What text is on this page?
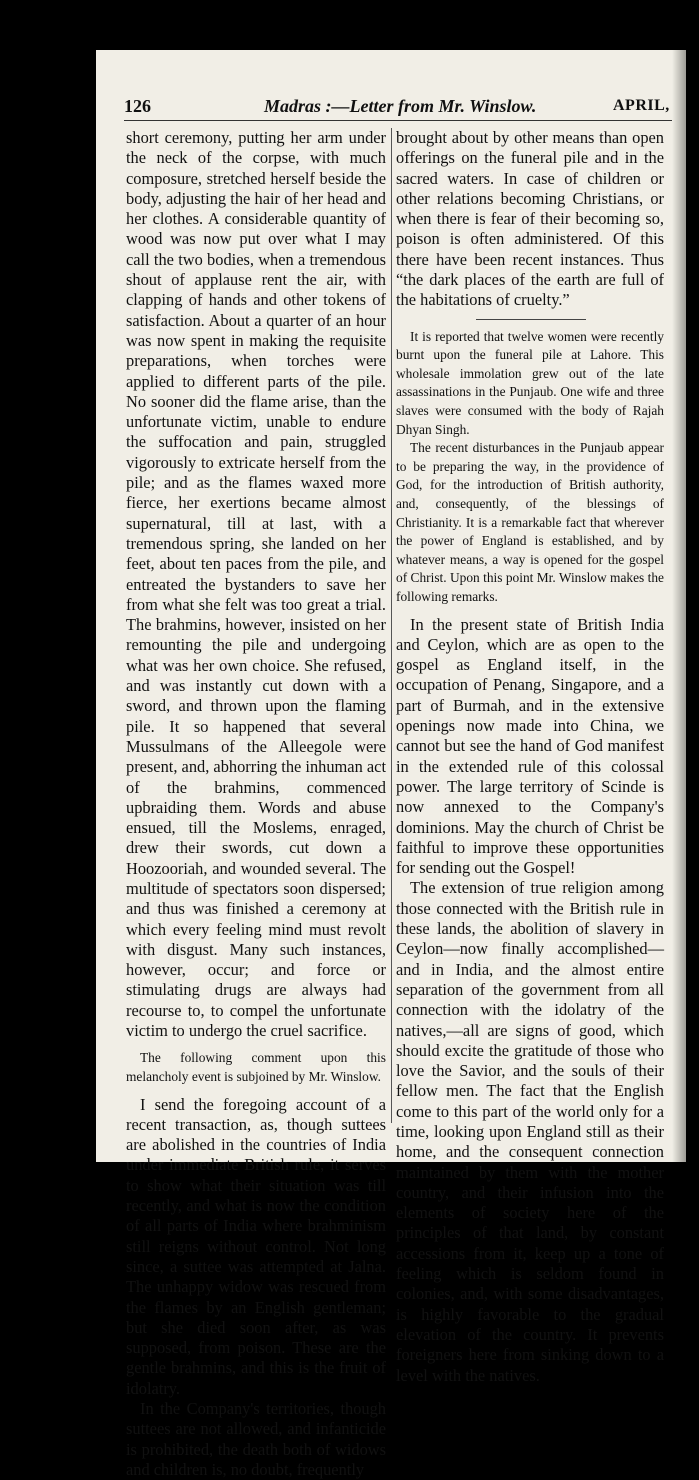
126	Madras :—Letter from Mr. Winslow.	APRIL,

short ceremony, putting her arm under the neck of the corpse, with much composure, stretched herself beside the body, adjusting the hair of her head and her clothes. A considerable quantity of wood was now put over what I may call the two bodies, when a tremendous shout of applause rent the air, with clapping of hands and other tokens of satisfaction. About a quarter of an hour was now spent in making the requisite preparations, when torches were applied to different parts of the pile. No sooner did the flame arise, than the unfortunate victim, unable to endure the suffocation and pain, struggled vigorously to extricate herself from the pile; and as the flames waxed more fierce, her exertions became almost supernatural, till at last, with a tremendous spring, she landed on her feet, about ten paces from the pile, and entreated the bystanders to save her from what she felt was too great a trial. The brahmins, however, insisted on her remounting the pile and undergoing what was her own choice. She refused, and was instantly cut down with a sword, and thrown upon the flaming pile. It so happened that several Mussulmans of the Alleegole were present, and, abhorring the inhuman act of the brahmins, commenced upbraiding them. Words and abuse ensued, till the Moslems, enraged, drew their swords, cut down a Hoozooriah, and wounded several. The multitude of spectators soon dispersed; and thus was finished a ceremony at which every feeling mind must revolt with disgust. Many such instances, however, occur; and force or stimulating drugs are always had recourse to, to compel the unfortunate victim to undergo the cruel sacrifice.

The following comment upon this melancholy event is subjoined by Mr. Winslow.

I send the foregoing account of a recent transaction, as, though suttees are abolished in the countries of India under immediate British rule, it serves to show what their situation was till recently, and what is now the condition of all parts of India where brahminism still reigns without control. Not long since, a suttee was attempted at Jalna. The unhappy widow was rescued from the flames by an English gentleman; but she died soon after, as was supposed, from poison. These are the gentle brahmins, and this is the fruit of idolatry.

In the Company's territories, though suttees are not allowed, and infanticide is prohibited, the death both of widows and children is, no doubt, frequently

brought about by other means than open offerings on the funeral pile and in the sacred waters. In case of children or other relations becoming Christians, or when there is fear of their becoming so, poison is often administered. Of this there have been recent instances. Thus “the dark places of the earth are full of the habitations of cruelty.”

It is reported that twelve women were recently burnt upon the funeral pile at Lahore. This wholesale immolation grew out of the late assassinations in the Punjaub. One wife and three slaves were consumed with the body of Rajah Dhyan Singh.

The recent disturbances in the Punjaub appear to be preparing the way, in the providence of God, for the introduction of British authority, and, consequently, of the blessings of Christianity. It is a remarkable fact that wherever the power of England is established, and by whatever means, a way is opened for the gospel of Christ. Upon this point Mr. Winslow makes the following remarks.

In the present state of British India and Ceylon, which are as open to the gospel as England itself, in the occupation of Penang, Singapore, and a part of Burmah, and in the extensive openings now made into China, we cannot but see the hand of God manifest in the extended rule of this colossal power. The large territory of Scinde is now annexed to the Company's dominions. May the church of Christ be faithful to improve these opportunities for sending out the Gospel!

The extension of true religion among those connected with the British rule in these lands, the abolition of slavery in Ceylon—now finally accomplished—and in India, and the almost entire separation of the government from all connection with the idolatry of the natives,—all are signs of good, which should excite the gratitude of those who love the Savior, and the souls of their fellow men. The fact that the English come to this part of the world only for a time, looking upon England still as their home, and the consequent connection maintained by them with the mother country, and their infusion into the elements of society here of the principles of that land, by constant accessions from it, keep up a tone of feeling which is seldom found in colonies, and, with some disadvantages, is highly favorable to the gradual elevation of the country. It prevents foreigners here from sinking down to a level with the natives.
